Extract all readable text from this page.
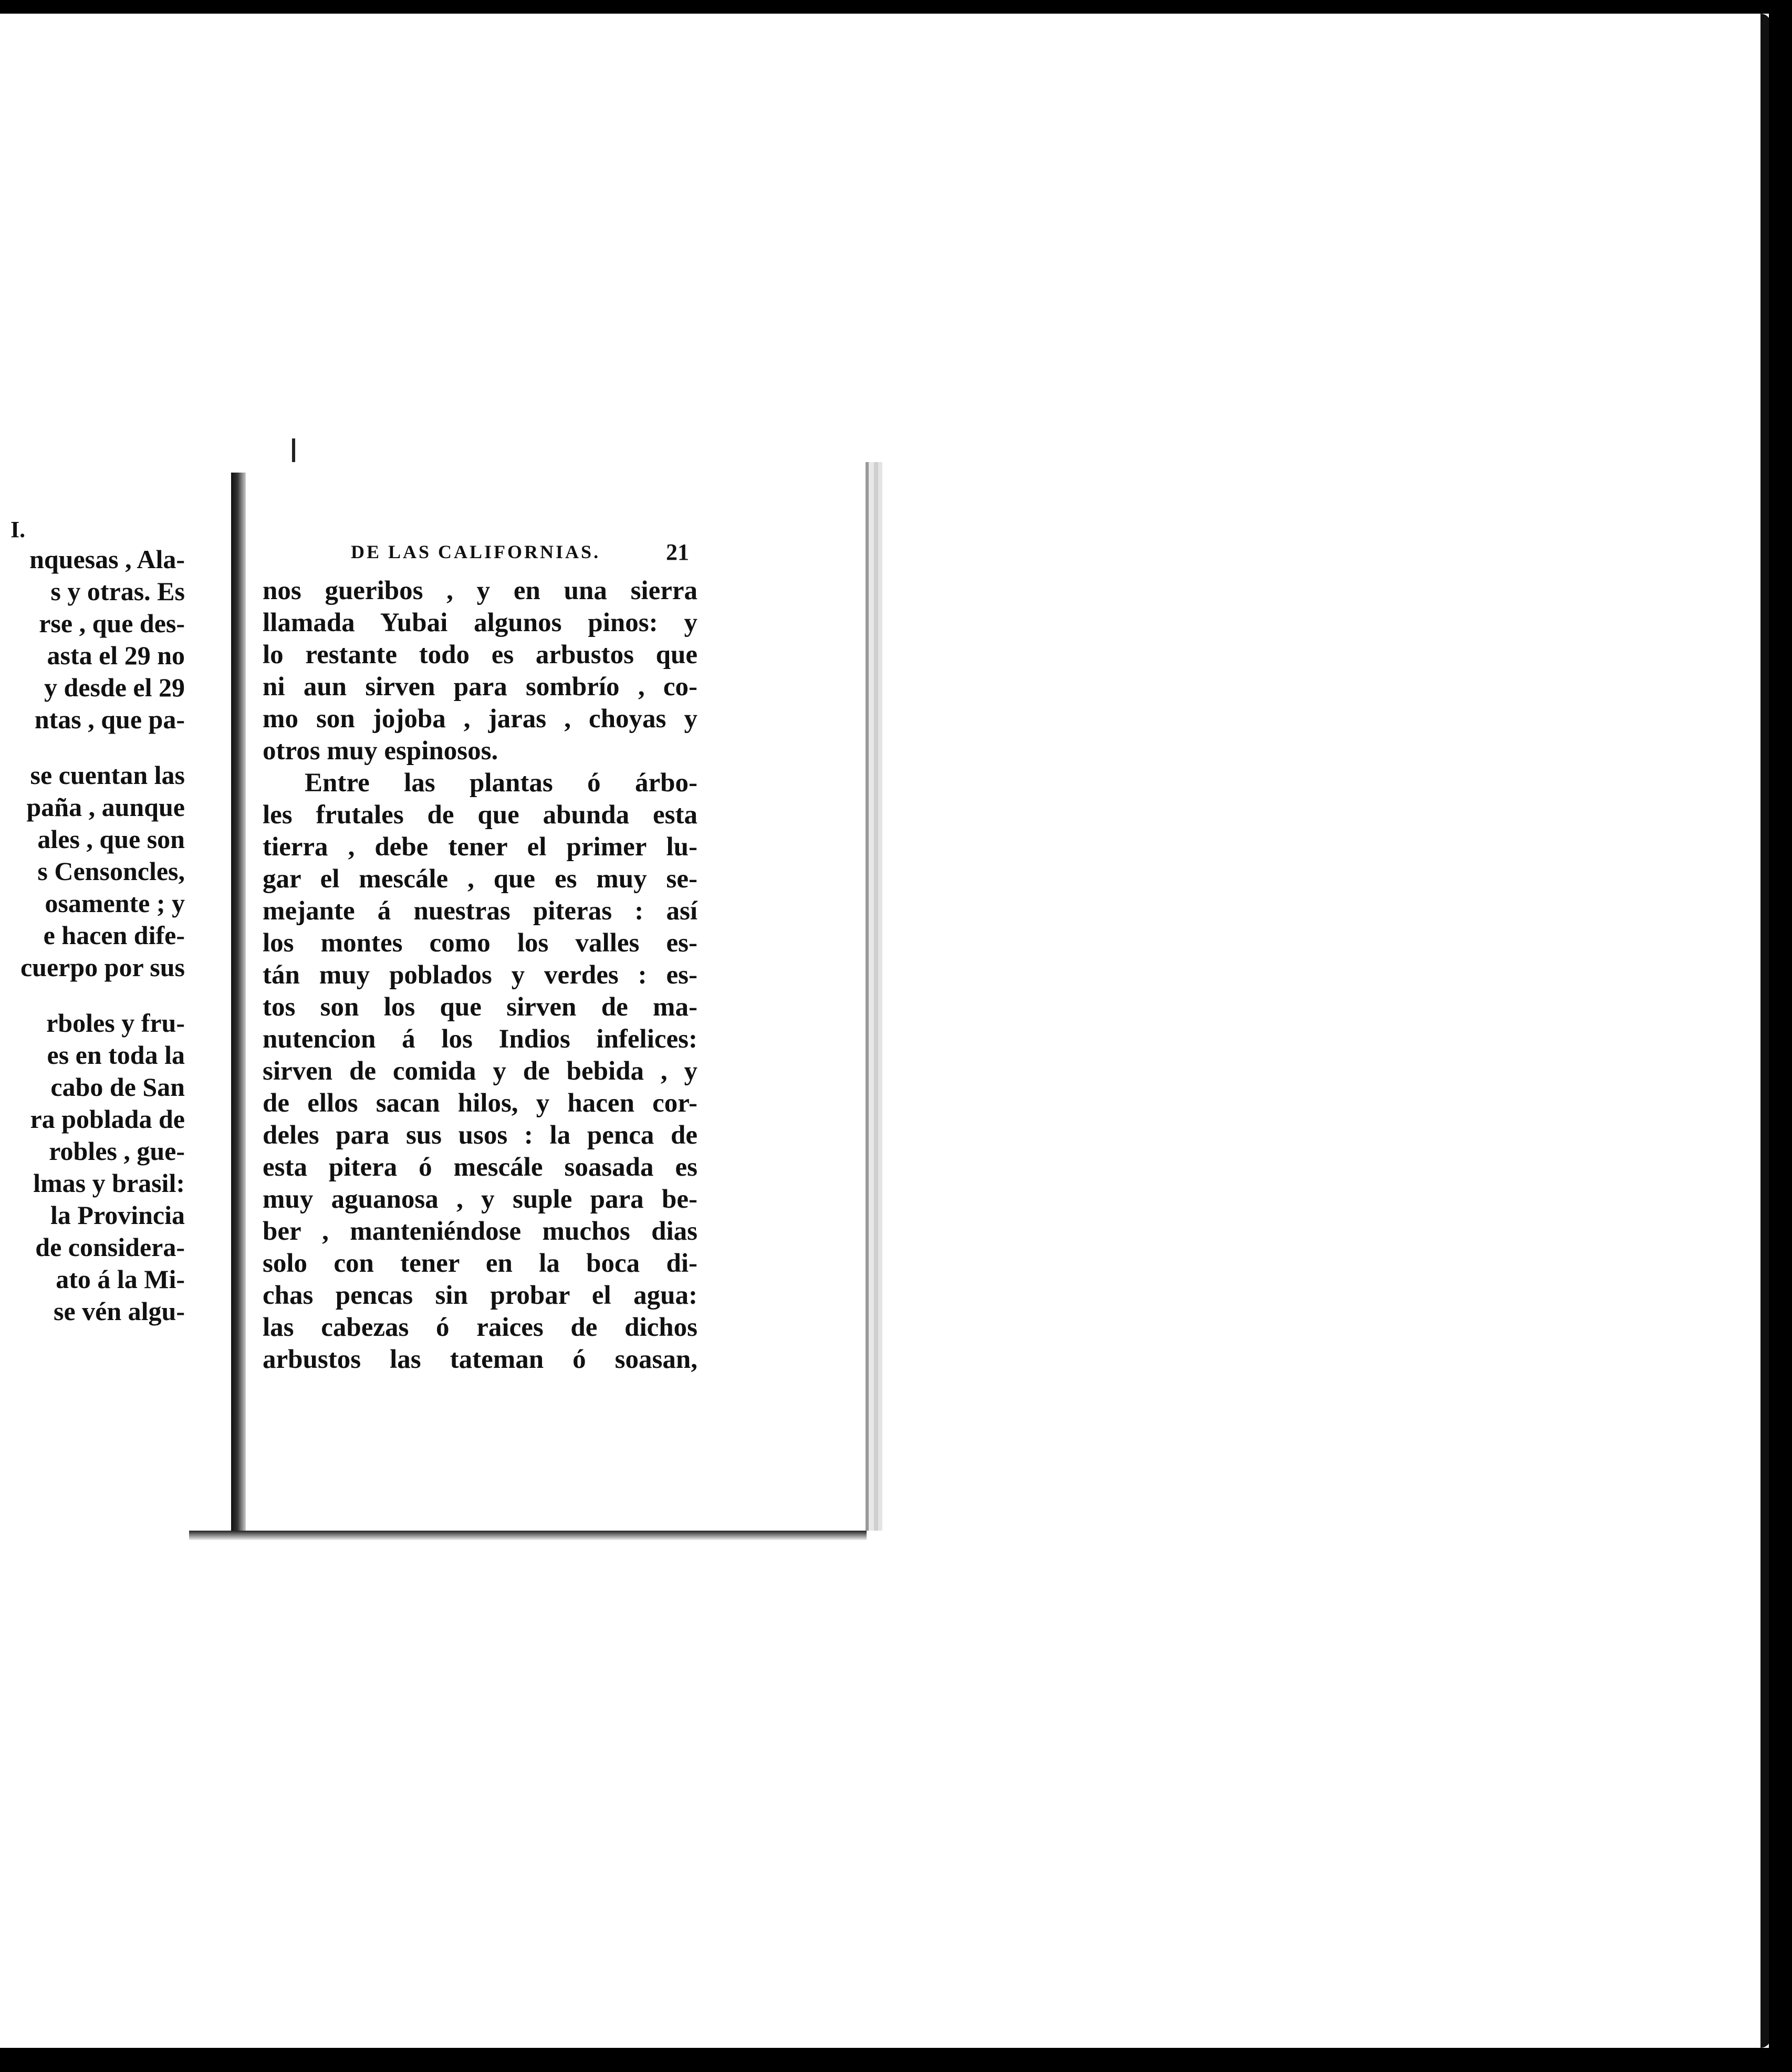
I.
nquesas , Ala-
s y otras. Es
rse , que des-
asta el 29 no
y desde el 29
ntas , que pa-
se cuentan las
paña , aunque
ales , que son
s Censoncles,
osamente ; y
e hacen dife-
cuerpo por sus
rboles y fru-
es en toda la
cabo de San
ra poblada de
robles , gue-
lmas y brasil:
la Provincia
de considera-
ato á la Mi-
se vén algu-
DE LAS CALIFORNIAS.	21
nos gueribos , y en una sierra
llamada Yubai algunos pinos: y
lo restante todo es arbustos que
ni aun sirven para sombrío , co-
mo son jojoba , jaras , choyas y
otros muy espinosos.
Entre las plantas ó árbo-
les frutales de que abunda esta
tierra , debe tener el primer lu-
gar el mescále , que es muy se-
mejante á nuestras piteras : así
los montes como los valles es-
tán muy poblados y verdes : es-
tos son los que sirven de ma-
nutencion á los Indios infelices:
sirven de comida y de bebida , y
de ellos sacan hilos, y hacen cor-
deles para sus usos : la penca de
esta pitera ó mescále soasada es
muy aguanosa , y suple para be-
ber , manteniéndose muchos dias
solo con tener en la boca di-
chas pencas sin probar el agua:
las cabezas ó raices de dichos
arbustos las tateman ó soasan,
